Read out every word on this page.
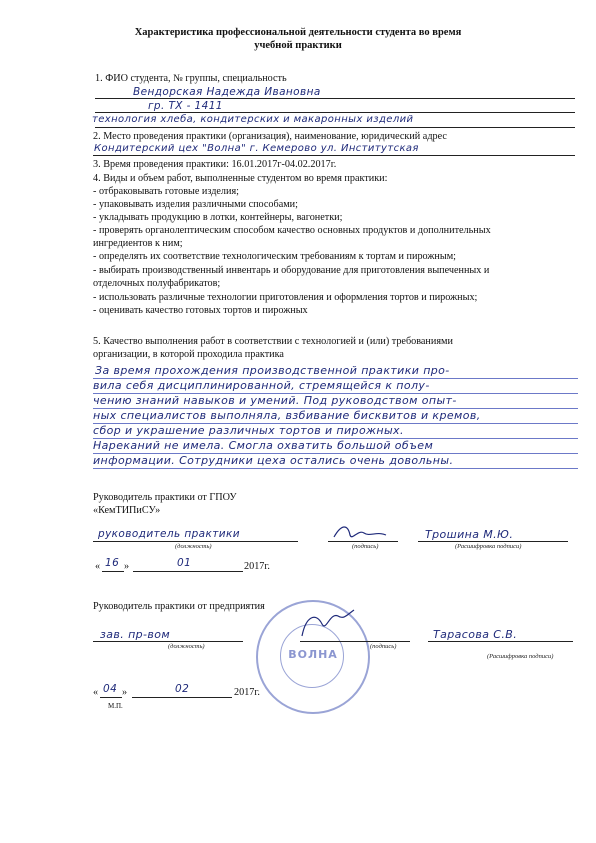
Характеристика профессиональной деятельности студента во время
учебной практики
1. ФИО студента, № группы, специальность
Вендорская Надежда Ивановна
гр. ТХ - 1411
технология хлеба, кондитерских и макаронных изделий
2. Место проведения практики (организация), наименование, юридический адрес
Кондитерский цех "Волна" г. Кемерово ул. Институтская
3. Время проведения практики: 16.01.2017г-04.02.2017г.
4. Виды и объем работ, выполненные студентом во время практики:
- отбраковывать готовые изделия;
- упаковывать изделия различными способами;
- укладывать продукцию в лотки, контейнеры, вагонетки;
- проверять органолептическим способом качество основных продуктов и дополнительных
ингредиентов к ним;
- определять их соответствие технологическим требованиям к тортам и пирожным;
- выбирать производственный инвентарь и оборудование для приготовления выпеченных и
отделочных полуфабрикатов;
- использовать различные технологии приготовления и оформления тортов и пирожных;
- оценивать качество готовых тортов и пирожных
5. Качество выполнения работ в соответствии с технологией и (или) требованиями
организации, в которой проходила практика
За время прохождения производственной практики про-
вила себя дисциплинированной, стремящейся к полу-
чению знаний навыков и умений. Под руководством опыт-
ных специалистов выполняла, взбивание бисквитов и кремов,
сбор и украшение различных тортов и пирожных.
Нареканий не имела. Смогла охватить большой объем
информации. Сотрудники цеха остались очень довольны.
Руководитель практики от ГПОУ
«КемТИПиСУ»
руководитель практики
(должность)	(подпись)
Трошина М.Ю.
(Расшифровка подписи)
« 16 »	01	2017г.
Руководитель практики от предприятия
зав. пр-вом
(должность)
ВОЛНА
(подпись)
Тарасова С.В.
(Расшифровка подписи)
« 04 »	02	2017г.
М.П.
